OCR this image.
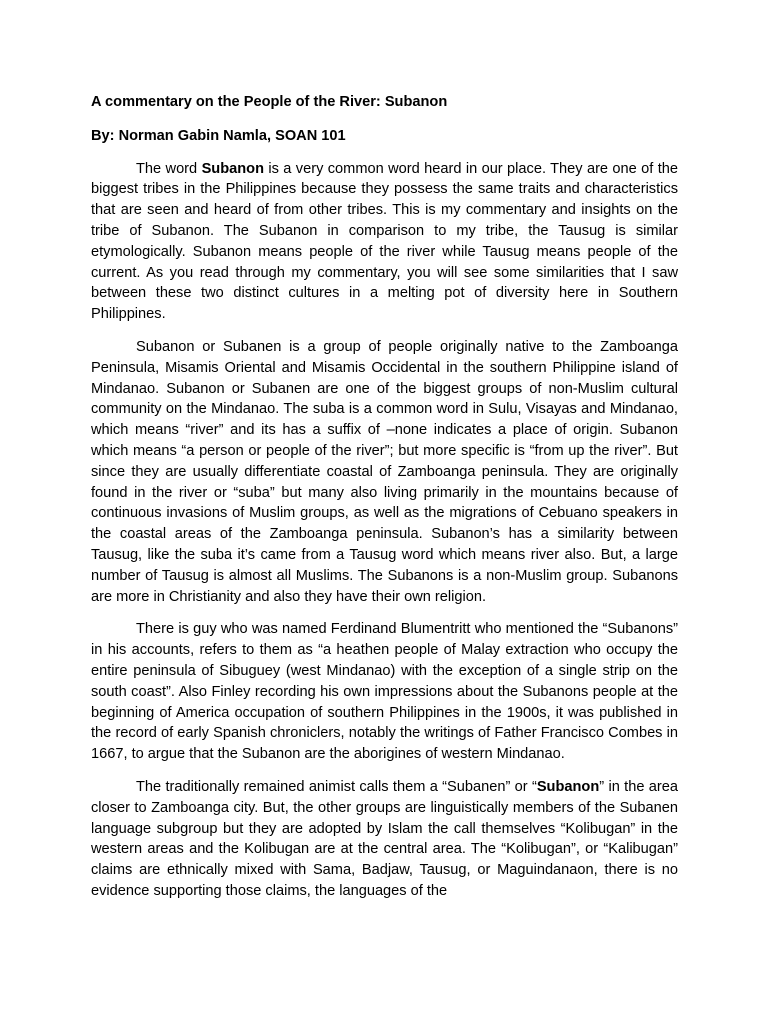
A commentary on the People of the River: Subanon

By: Norman Gabin Namla, SOAN 101

The word Subanon is a very common word heard in our place. They are one of the biggest tribes in the Philippines because they possess the same traits and characteristics that are seen and heard of from other tribes. This is my commentary and insights on the tribe of Subanon. The Subanon in comparison to my tribe, the Tausug is similar etymologically. Subanon means people of the river while Tausug means people of the current. As you read through my commentary, you will see some similarities that I saw between these two distinct cultures in a melting pot of diversity here in Southern Philippines.

Subanon or Subanen is a group of people originally native to the Zamboanga Peninsula, Misamis Oriental and Misamis Occidental in the southern Philippine island of Mindanao. Subanon or Subanen are one of the biggest groups of non-Muslim cultural community on the Mindanao. The suba is a common word in Sulu, Visayas and Mindanao, which means “river” and its has a suffix of –none indicates a place of origin. Subanon which means “a person or people of the river”; but more specific is “from up the river”. But since they are usually differentiate coastal of Zamboanga peninsula. They are originally found in the river or “suba” but many also living primarily in the mountains because of continuous invasions of Muslim groups, as well as the migrations of Cebuano speakers in the coastal areas of the Zamboanga peninsula. Subanon’s has a similarity between Tausug, like the suba it’s came from a Tausug word which means river also. But, a large number of Tausug is almost all Muslims. The Subanons is a non-Muslim group. Subanons are more in Christianity and also they have their own religion.

There is guy who was named Ferdinand Blumentritt who mentioned the “Subanons” in his accounts, refers to them as “a heathen people of Malay extraction who occupy the entire peninsula of Sibuguey (west Mindanao) with the exception of a single strip on the south coast”. Also Finley recording his own impressions about the Subanons people at the beginning of America occupation of southern Philippines in the 1900s, it was published in the record of early Spanish chroniclers, notably the writings of Father Francisco Combes in 1667, to argue that the Subanon are the aborigines of western Mindanao.

The traditionally remained animist calls them a “Subanen” or “Subanon” in the area closer to Zamboanga city. But, the other groups are linguistically members of the Subanen language subgroup but they are adopted by Islam the call themselves “Kolibugan” in the western areas and the Kolibugan are at the central area. The “Kolibugan”, or “Kalibugan” claims are ethnically mixed with Sama, Badjaw, Tausug, or Maguindanaon, there is no evidence supporting those claims, the languages of the
